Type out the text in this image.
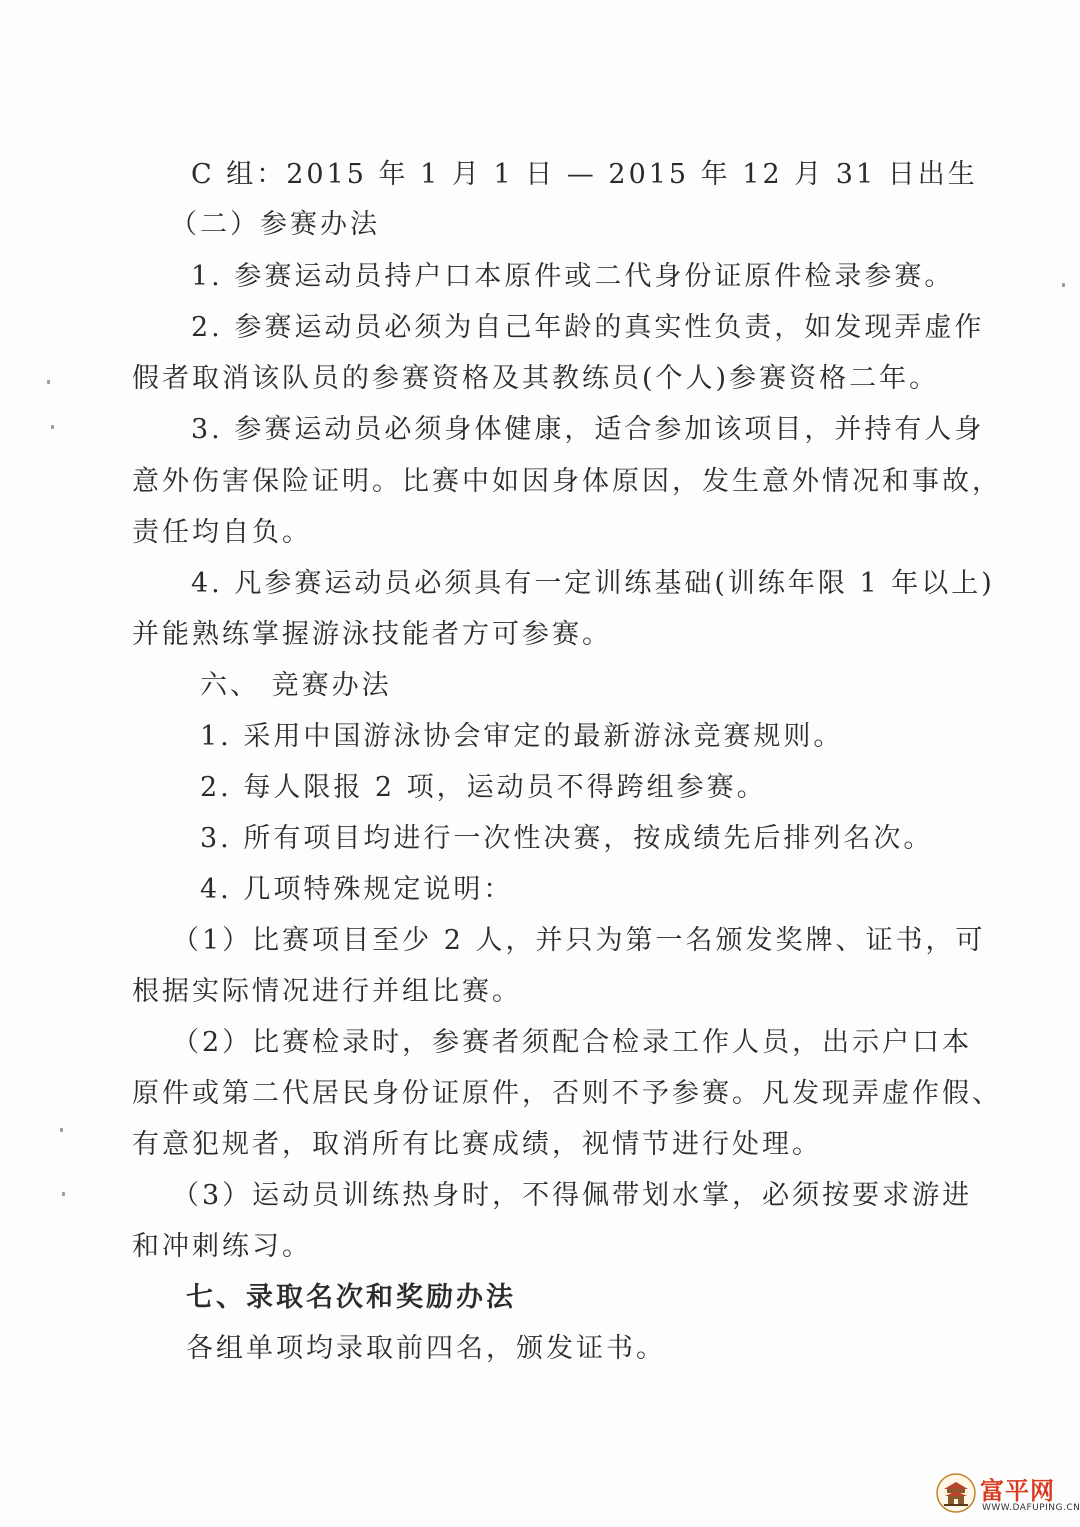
C 组：2015 年 1 月 1 日 — 2015 年 12 月 31 日出生
（二）参赛办法
1. 参赛运动员持户口本原件或二代身份证原件检录参赛。
2. 参赛运动员必须为自己年龄的真实性负责，如发现弄虚作
假者取消该队员的参赛资格及其教练员(个人)参赛资格二年。
3. 参赛运动员必须身体健康，适合参加该项目，并持有人身
意外伤害保险证明。比赛中如因身体原因，发生意外情况和事故，
责任均自负。
4. 凡参赛运动员必须具有一定训练基础(训练年限 1 年以上)
并能熟练掌握游泳技能者方可参赛。
六、 竞赛办法
1. 采用中国游泳协会审定的最新游泳竞赛规则。
2. 每人限报 2 项，运动员不得跨组参赛。
3. 所有项目均进行一次性决赛，按成绩先后排列名次。
4. 几项特殊规定说明：
（1）比赛项目至少 2 人，并只为第一名颁发奖牌、证书，可
根据实际情况进行并组比赛。
（2）比赛检录时，参赛者须配合检录工作人员，出示户口本
原件或第二代居民身份证原件，否则不予参赛。凡发现弄虚作假、
有意犯规者，取消所有比赛成绩，视情节进行处理。
（3）运动员训练热身时，不得佩带划水掌，必须按要求游进
和冲刺练习。
七、录取名次和奖励办法
各组单项均录取前四名，颁发证书。
富平网
WWW.DAFUPING.CN
